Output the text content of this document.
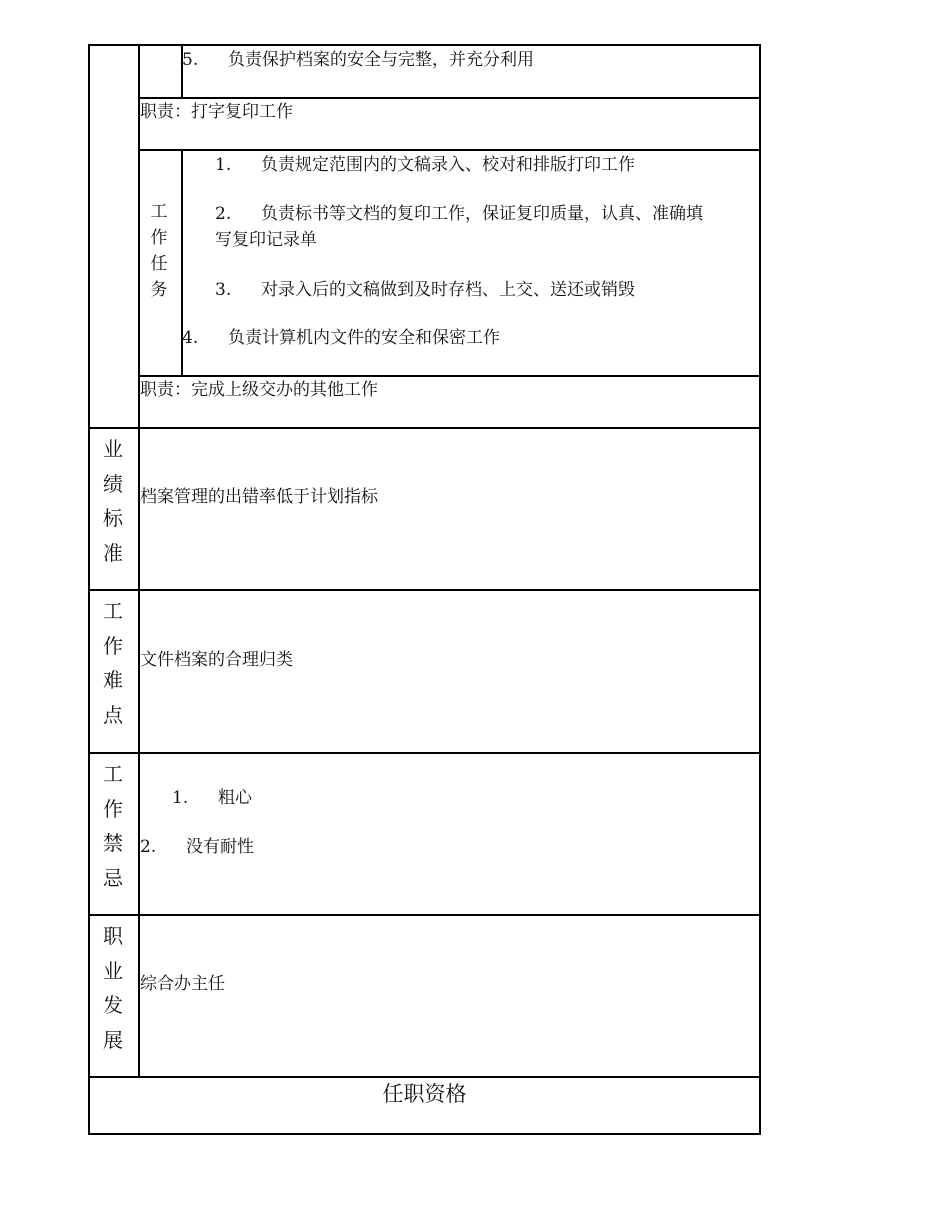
5. 负责保护档案的安全与完整，并充分利用
职责：打字复印工作
工
作
任
务
1. 负责规定范围内的文稿录入、校对和排版打印工作
2. 负责标书等文档的复印工作，保证复印质量，认真、准确填
写复印记录单
3. 对录入后的文稿做到及时存档、上交、送还或销毁
4. 负责计算机内文件的安全和保密工作
职责：完成上级交办的其他工作
业
绩
标
准
档案管理的出错率低于计划指标
工
作
难
点
文件档案的合理归类
工
作
禁
忌
1. 粗心
2. 没有耐性
职
业
发
展
综合办主任
任职资格
